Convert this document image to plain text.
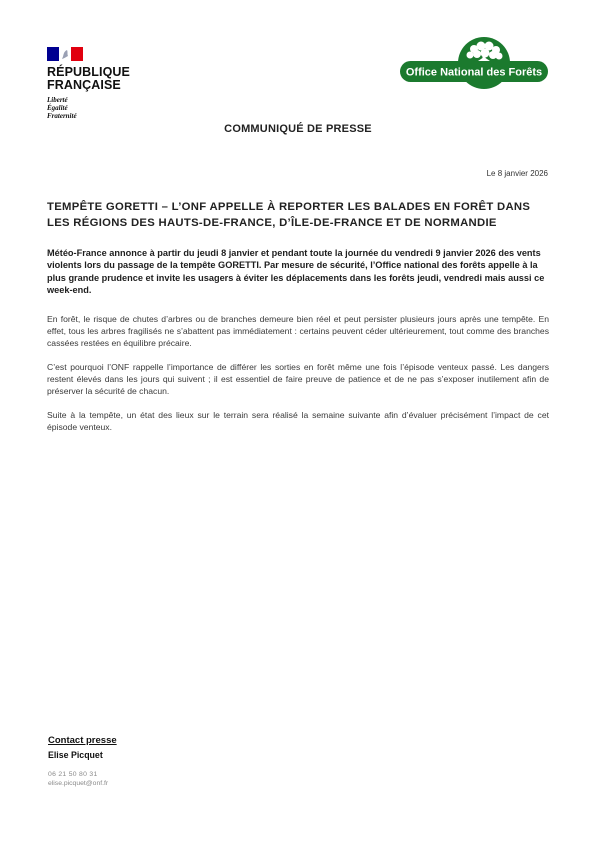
RÉPUBLIQUE
FRANÇAISE
Liberté
Égalité
Fraternité
Office National des Forêts
COMMUNIQUÉ DE PRESSE
Le 8 janvier 2026
TEMPÊTE GORETTI – L’ONF APPELLE À REPORTER LES BALADES EN FORÊT DANS LES RÉGIONS DES HAUTS-DE-FRANCE, D’ÎLE-DE-FRANCE ET DE NORMANDIE
Météo-France annonce à partir du jeudi 8 janvier et pendant toute la journée du vendredi 9 janvier 2026 des vents violents lors du passage de la tempête GORETTI. Par mesure de sécurité, l’Office national des forêts appelle à la plus grande prudence et invite les usagers à éviter les déplacements dans les forêts jeudi, vendredi mais aussi ce week-end.

En forêt, le risque de chutes d’arbres ou de branches demeure bien réel et peut persister plusieurs jours après une tempête. En effet, tous les arbres fragilisés ne s’abattent pas immédiatement : certains peuvent céder ultérieurement, tout comme des branches cassées restées en équilibre précaire.

C’est pourquoi l’ONF rappelle l’importance de différer les sorties en forêt même une fois l’épisode venteux passé. Les dangers restent élevés dans les jours qui suivent ; il est essentiel de faire preuve de patience et de ne pas s’exposer inutilement afin de préserver la sécurité de chacun.

Suite à la tempête, un état des lieux sur le terrain sera réalisé la semaine suivante afin d’évaluer précisément l’impact de cet épisode venteux.

Contact presse
Elise Picquet
06 21 50 80 31
elise.picquet@onf.fr
